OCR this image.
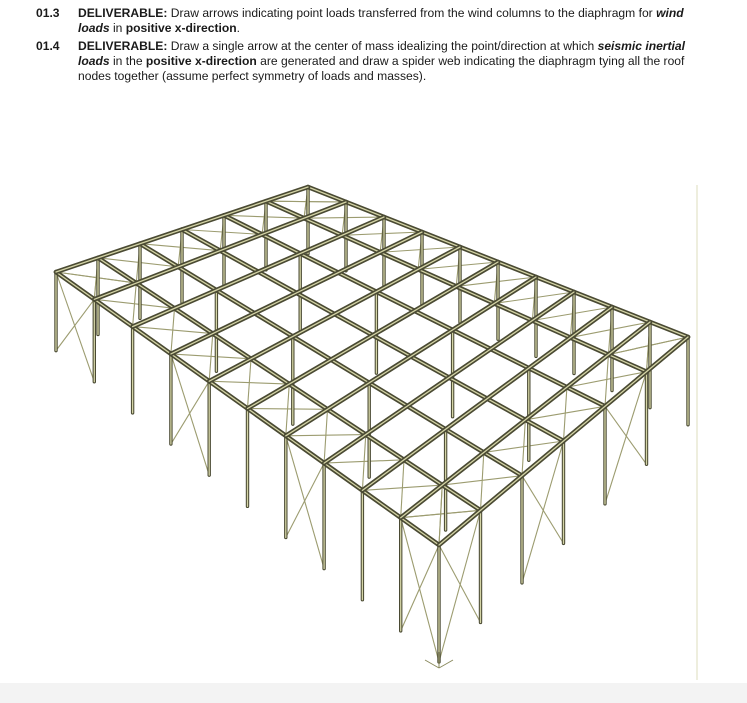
01.3	DELIVERABLE: Draw arrows indicating point loads transferred from the wind columns to the diaphragm for wind loads in positive x-direction.
01.4	DELIVERABLE: Draw a single arrow at the center of mass idealizing the point/direction at which seismic inertial loads in the positive x-direction are generated and draw a spider web indicating the diaphragm tying all the roof nodes together (assume perfect symmetry of loads and masses).
